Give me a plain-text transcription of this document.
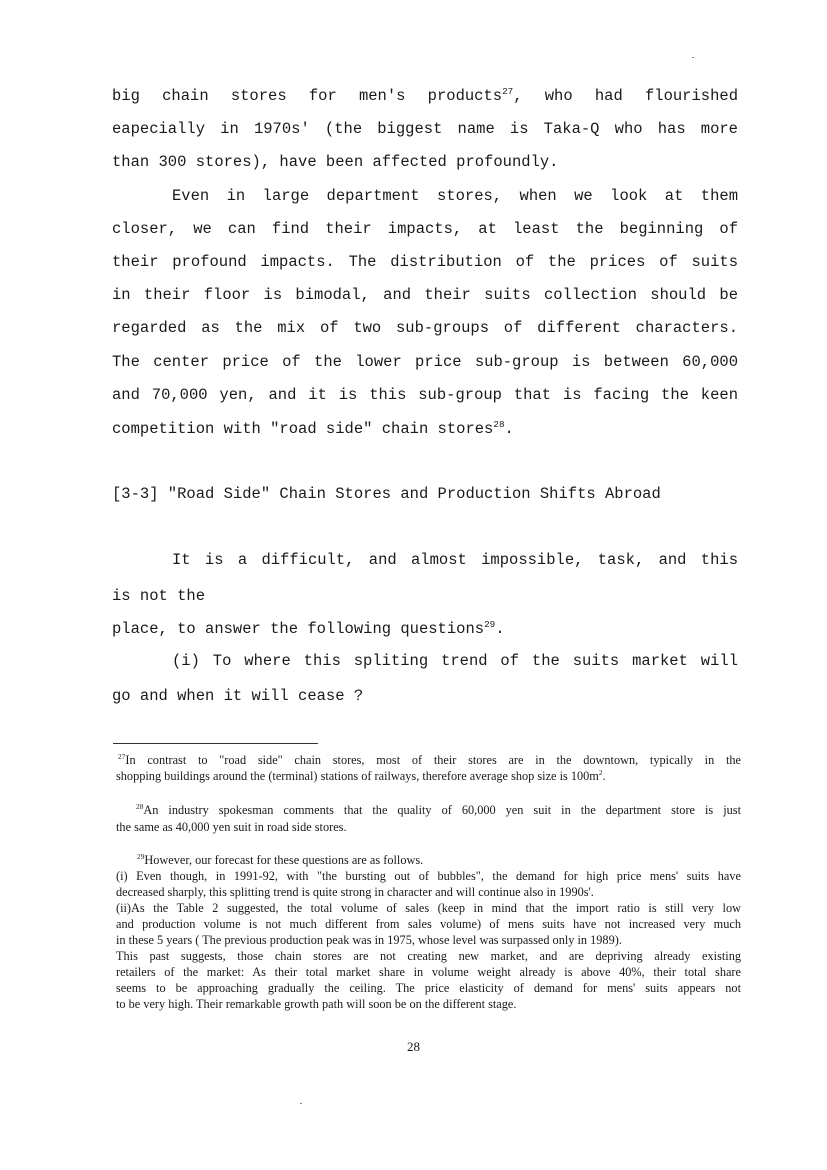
big chain stores for men's products$^{27}$, who had flourished
eapecially in 1970s' (the biggest name is Taka-Q who has more
than 300 stores), have been affected profoundly.
Even in large department stores, when we look at them
closer, we can find their impacts, at least the beginning of
their profound impacts. The distribution of the prices of suits
in their floor is bimodal, and their suits collection should be
regarded as the mix of two sub-groups of different characters.
The center price of the lower price sub-group is between 60,000
and 70,000 yen, and it is this sub-group that is facing the keen
competition with "road side" chain stores$^{28}$.
[3-3] "Road Side" Chain Stores and Production Shifts Abroad
It is a difficult, and almost impossible, task, and this
is not the
place, to answer the following questions$^{29}$.
(i) To where this spliting trend of the suits market will
go and when it will cease ?
$^{27}$In contrast to "road side" chain stores, most of their stores are in the downtown, typically in the
shopping buildings around the (terminal) stations of railways, therefore average shop size is $100m^2$.
$^{28}$An industry spokesman comments that the quality of 60,000 yen suit in the department store is just
the same as 40,000 yen suit in road side stores.
$^{29}$However, our forecast for these questions are as follows.
(i) Even though, in 1991-92, with "the bursting out of bubbles", the demand for high price mens' suits have
decreased sharply, this splitting trend is quite strong in character and will continue also in 1990s'.
(ii)As the Table 2 suggested, the total volume of sales (keep in mind that the import ratio is still very low
and production volume is not much different from sales volume) of mens suits have not increased very much
in these 5 years ( The previous production peak was in 1975, whose level was surpassed only in 1989).
This past suggests, those chain stores are not creating new market, and are depriving already existing
retailers of the market: As their total market share in volume weight already is above 40%, their total share
seems to be approaching gradually the ceiling. The price elasticity of demand for mens' suits appears not
to be very high. Their remarkable growth path will soon be on the different stage.
28
